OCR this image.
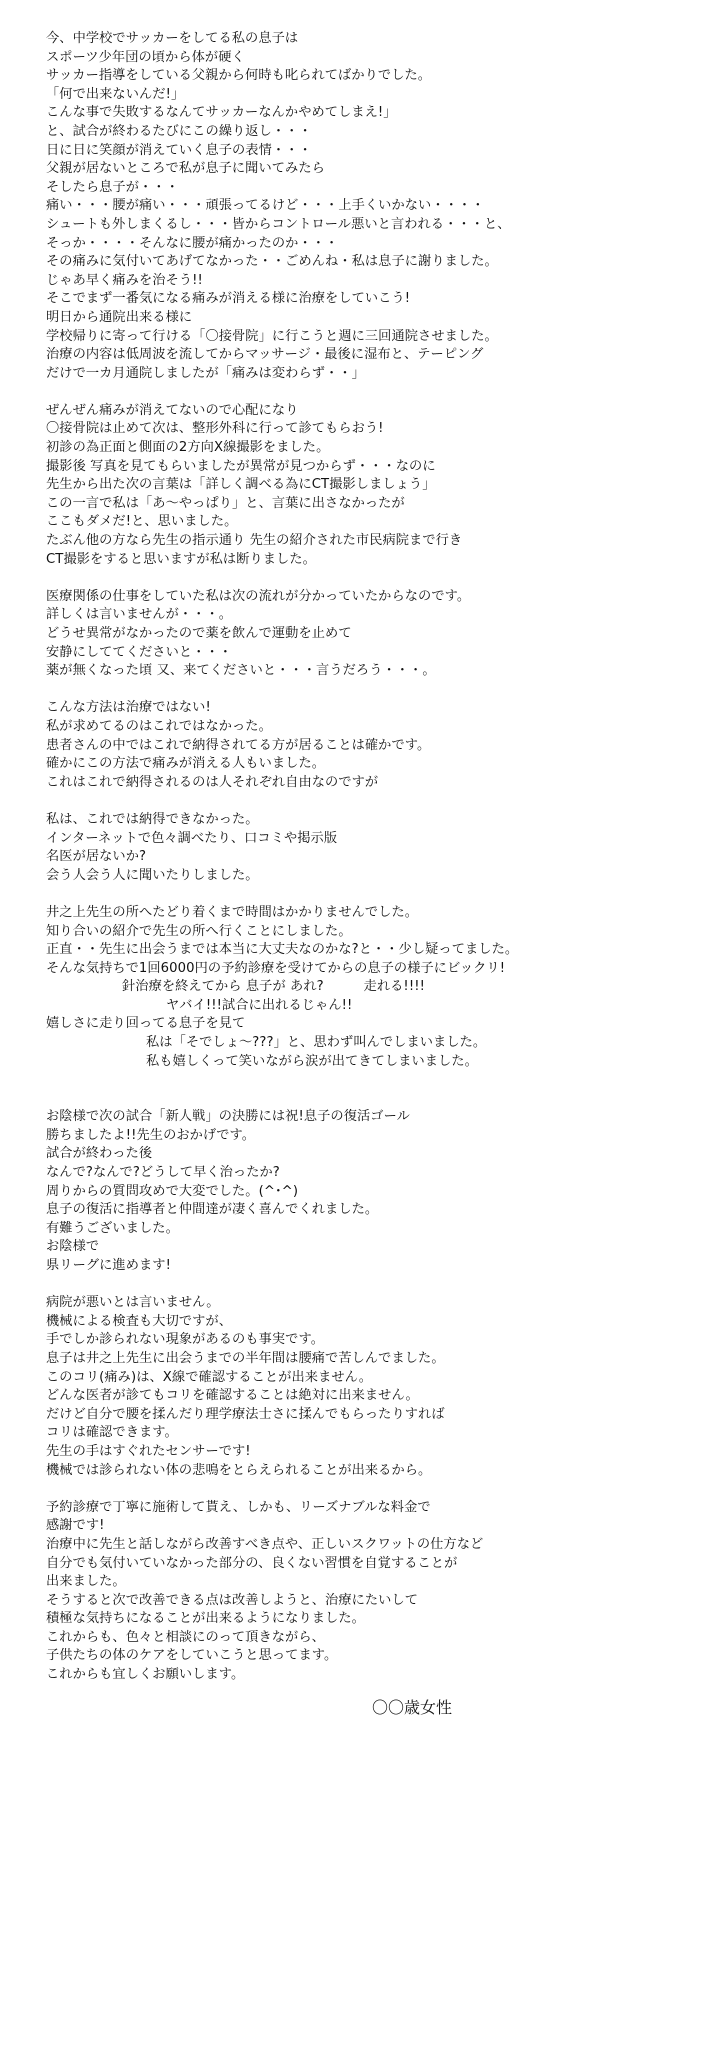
今、中学校でサッカーをしてる私の息子は
スポーツ少年団の頃から体が硬く
サッカー指導をしている父親から何時も叱られてばかりでした。
「何で出来ないんだ!」
こんな事で失敗するなんてサッカーなんかやめてしまえ!」
と、試合が終わるたびにこの繰り返し・・・
日に日に笑顔が消えていく息子の表情・・・
父親が居ないところで私が息子に聞いてみたら
そしたら息子が・・・
痛い・・・腰が痛い・・・頑張ってるけど・・・上手くいかない・・・・
シュートも外しまくるし・・・皆からコントロール悪いと言われる・・・と、
そっか・・・・そんなに腰が痛かったのか・・・
その痛みに気付いてあげてなかった・・ごめんね・私は息子に謝りました。
じゃあ早く痛みを治そう!!
そこでまず一番気になる痛みが消える様に治療をしていこう!
明日から通院出来る様に
学校帰りに寄って行ける「〇接骨院」に行こうと週に三回通院させました。
治療の内容は低周波を流してからマッサージ・最後に湿布と、テーピング
だけで一カ月通院しましたが「痛みは変わらず・・」
ぜんぜん痛みが消えてないので心配になり
〇接骨院は止めて次は、整形外科に行って診てもらおう!
初診の為正面と側面の2方向X線撮影をました。
撮影後 写真を見てもらいましたが異常が見つからず・・・なのに
先生から出た次の言葉は「詳しく調べる為にCT撮影しましょう」
この一言で私は「あ～やっぱり」と、言葉に出さなかったが
ここもダメだ!と、思いました。
たぶん他の方なら先生の指示通り 先生の紹介された市民病院まで行き
CT撮影をすると思いますが私は断りました。
医療関係の仕事をしていた私は次の流れが分かっていたからなのです。
詳しくは言いませんが・・・。
どうせ異常がなかったので薬を飲んで運動を止めて
安静にしててくださいと・・・
薬が無くなった頃 又、来てくださいと・・・言うだろう・・・。
こんな方法は治療ではない!
私が求めてるのはこれではなかった。
患者さんの中ではこれで納得されてる方が居ることは確かです。
確かにこの方法で痛みが消える人もいました。
これはこれで納得されるのは人それぞれ自由なのですが
私は、これでは納得できなかった。
インターネットで色々調べたり、口コミや掲示版
名医が居ないか?
会う人会う人に聞いたりしました。
井之上先生の所へたどり着くまで時間はかかりませんでした。
知り合いの紹介で先生の所へ行くことにしました。
正直・・先生に出会うまでは本当に大丈夫なのかな?と・・少し疑ってました。
そんな気持ちで1回6000円の予約診療を受けてからの息子の様子にビックリ!
針治療を終えてから 息子が あれ?　　　走れる!!!!
ヤバイ!!!試合に出れるじゃん!!
嬉しさに走り回ってる息子を見て
私は「そでしょ～???」と、思わず叫んでしまいました。
私も嬉しくって笑いながら涙が出てきてしまいました。
お陰様で次の試合「新人戦」の決勝には祝!息子の復活ゴール
勝ちましたよ!!先生のおかげです。
試合が終わった後
なんで?なんで?どうして早く治ったか?
周りからの質問攻めで大変でした。(^･^)
息子の復活に指導者と仲間達が凄く喜んでくれました。
有難うございました。
お陰様で
県リーグに進めます!
病院が悪いとは言いません。
機械による検査も大切ですが、
手でしか診られない現象があるのも事実です。
息子は井之上先生に出会うまでの半年間は腰痛で苦しんでました。
このコリ(痛み)は、X線で確認することが出来ません。
どんな医者が診てもコリを確認することは絶対に出来ません。
だけど自分で腰を揉んだり理学療法士さに揉んでもらったりすれば
コリは確認できます。
先生の手はすぐれたセンサーです!
機械では診られない体の悲鳴をとらえられることが出来るから。
予約診療で丁寧に施術して貰え、しかも、リーズナブルな料金で
感謝です!
治療中に先生と話しながら改善すべき点や、正しいスクワットの仕方など
自分でも気付いていなかった部分の、良くない習慣を自覚することが
出来ました。
そうすると次で改善できる点は改善しようと、治療にたいして
積極な気持ちになることが出来るようになりました。
これからも、色々と相談にのって頂きながら、
子供たちの体のケアをしていこうと思ってます。
これからも宜しくお願いします。
〇〇歳女性
